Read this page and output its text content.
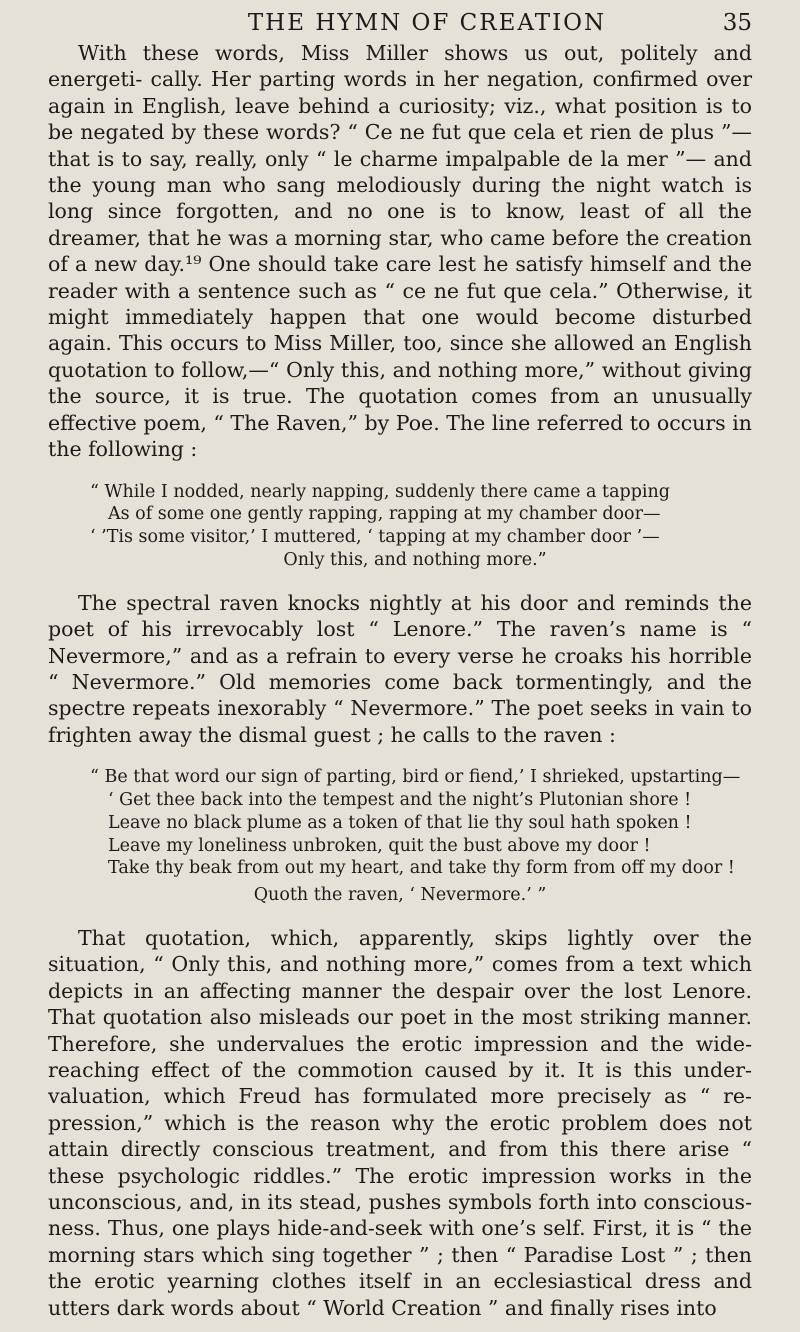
THE HYMN OF CREATION	35

With these words, Miss Miller shows us out, politely and energeti- cally. Her parting words in her negation, confirmed over again in English, leave behind a curiosity; viz., what position is to be negated by these words? “ Ce ne fut que cela et rien de plus ”— that is to say, really, only “ le charme impalpable de la mer ”— and the young man who sang melodiously during the night watch is long since forgotten, and no one is to know, least of all the dreamer, that he was a morning star, who came before the creation of a new day.¹⁹ One should take care lest he satisfy himself and the reader with a sentence such as “ ce ne fut que cela.” Otherwise, it might immediately happen that one would become disturbed again. This occurs to Miss Miller, too, since she allowed an English quotation to follow,—“ Only this, and nothing more,” without giving the source, it is true. The quotation comes from an unusually effective poem, “ The Raven,” by Poe. The line referred to occurs in the following :

“ While I nodded, nearly napping, suddenly there came a tapping
As of some one gently rapping, rapping at my chamber door—
‘ ’Tis some visitor,’ I muttered, ‘ tapping at my chamber door ’—
Only this, and nothing more.”

The spectral raven knocks nightly at his door and reminds the poet of his irrevocably lost “ Lenore.” The raven’s name is “ Nevermore,” and as a refrain to every verse he croaks his horrible “ Nevermore.” Old memories come back tormentingly, and the spectre repeats inexorably “ Nevermore.” The poet seeks in vain to frighten away the dismal guest ; he calls to the raven :

“ Be that word our sign of parting, bird or fiend,’ I shrieked, upstarting—
‘ Get thee back into the tempest and the night’s Plutonian shore !
Leave no black plume as a token of that lie thy soul hath spoken !
Leave my loneliness unbroken, quit the bust above my door !
Take thy beak from out my heart, and take thy form from off my door !
Quoth the raven, ‘ Nevermore.’ ”

That quotation, which, apparently, skips lightly over the situation, “ Only this, and nothing more,” comes from a text which depicts in an affecting manner the despair over the lost Lenore. That quotation also misleads our poet in the most striking manner. Therefore, she undervalues the erotic impression and the wide- reaching effect of the commotion caused by it. It is this under- valuation, which Freud has formulated more precisely as “ re- pression,” which is the reason why the erotic problem does not attain directly conscious treatment, and from this there arise “ these psychologic riddles.” The erotic impression works in the unconscious, and, in its stead, pushes symbols forth into conscious- ness. Thus, one plays hide-and-seek with one’s self. First, it is “ the morning stars which sing together ” ; then “ Paradise Lost ” ; then the erotic yearning clothes itself in an ecclesiastical dress and utters dark words about “ World Creation ” and finally rises into
